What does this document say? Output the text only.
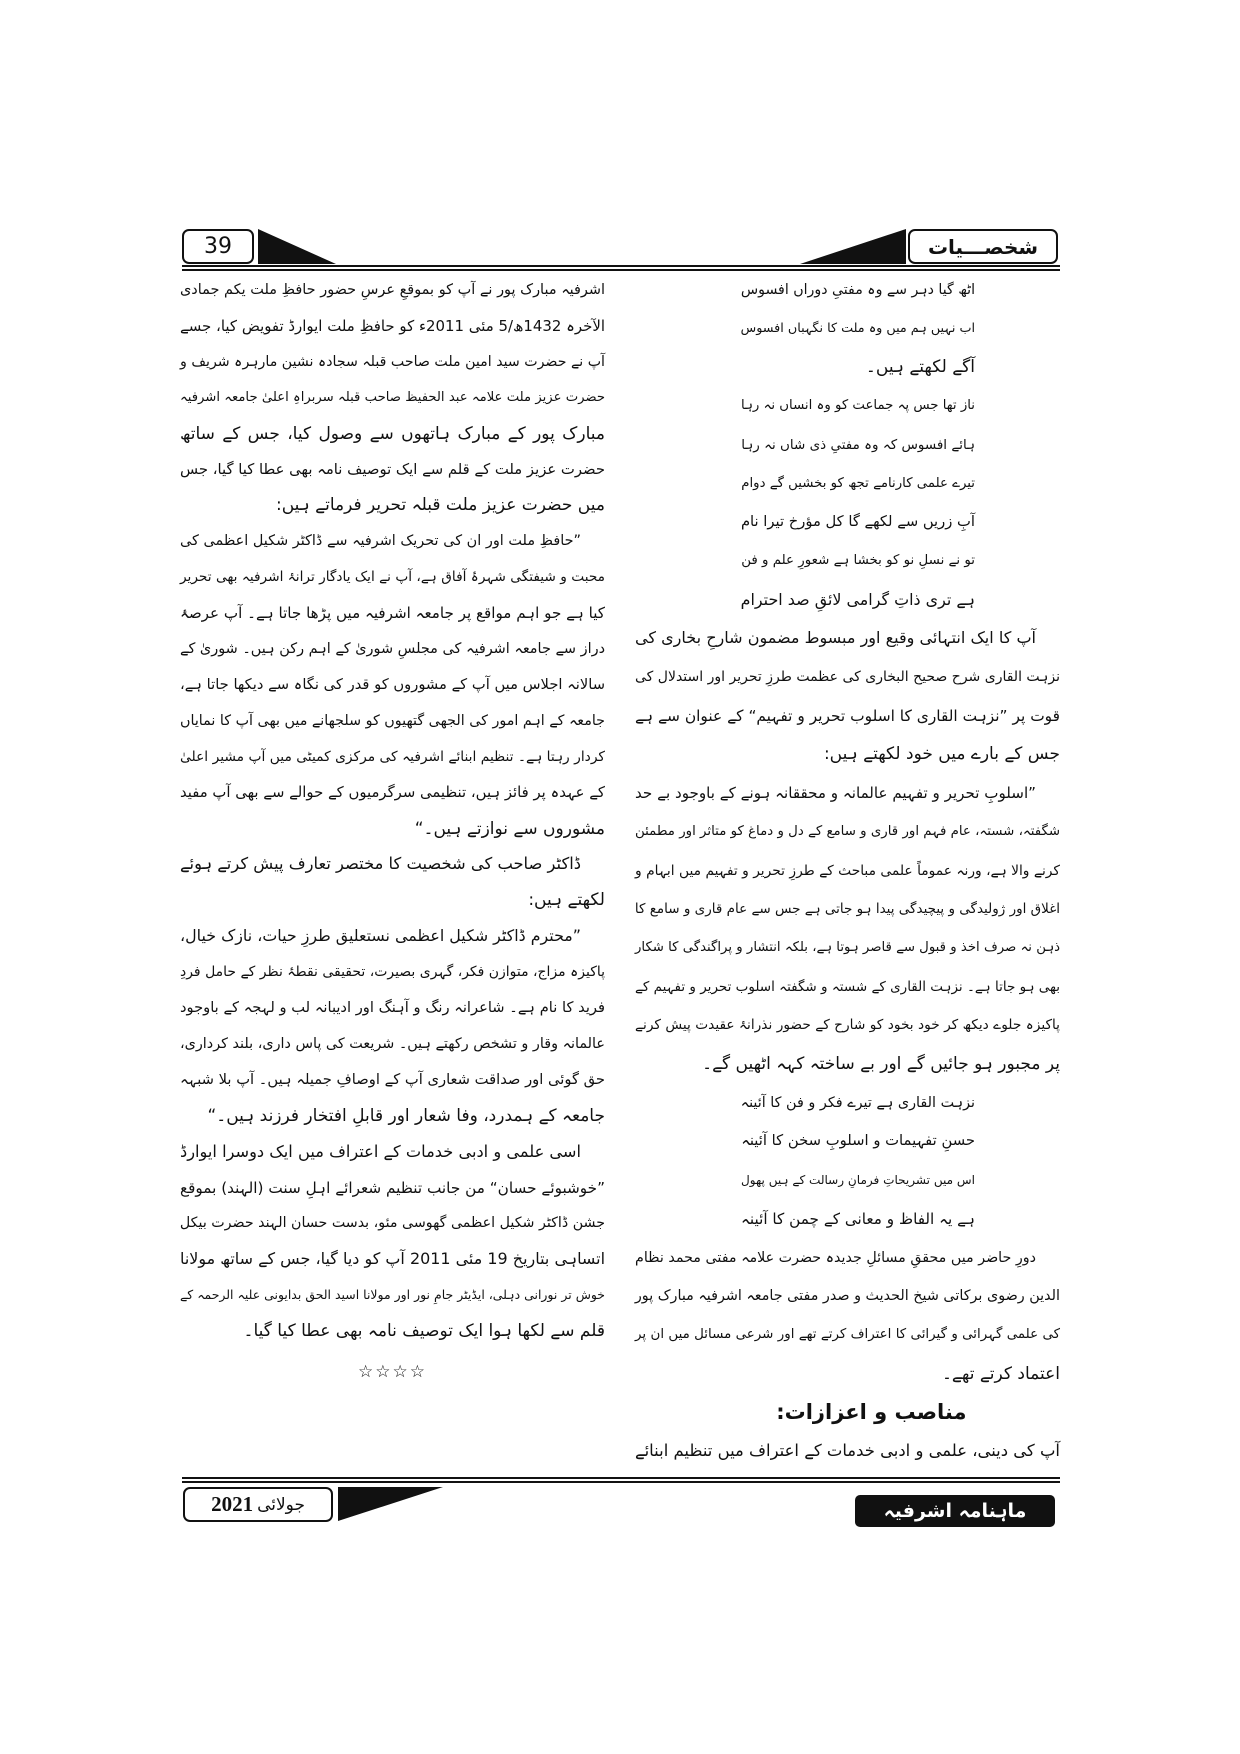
39	شخصـــیات
اٹھ گیا دہر سے وہ مفتیِ دوراں افسوس
اب نہیں ہم میں وہ ملت کا نگہباں افسوس
آگے لکھتے ہیں۔
ناز تھا جس پہ جماعت کو وہ انساں نہ رہا
ہائے افسوس کہ وہ مفتیِ ذی شاں نہ رہا
تیرے علمی کارنامے تجھ کو بخشیں گے دوام
آبِ زریں سے لکھے گا کل مؤرخ تیرا نام
تو نے نسلِ نو کو بخشا ہے شعورِ علم و فن
ہے تری ذاتِ گرامی لائقِ صد احترام
آپ کا ایک انتہائی وقیع اور مبسوط مضمون شارحِ بخاری کی
نزہت القاری شرح صحیح البخاری کی عظمت طرزِ تحریر اور استدلال کی
قوت پر ”نزہت القاری کا اسلوب تحریر و تفہیم“ کے عنوان سے ہے
جس کے بارے میں خود لکھتے ہیں:
”اسلوبِ تحریر و تفہیم عالمانہ و محققانہ ہونے کے باوجود بے حد
شگفتہ، شستہ، عام فہم اور قاری و سامع کے دل و دماغ کو متاثر اور مطمئن
کرنے والا ہے، ورنہ عموماً علمی مباحث کے طرزِ تحریر و تفہیم میں ابہام و
اغلاق اور ژولیدگی و پیچیدگی پیدا ہو جاتی ہے جس سے عام قاری و سامع کا
ذہن نہ صرف اخذ و قبول سے قاصر ہوتا ہے، بلکہ انتشار و پراگندگی کا شکار
بھی ہو جاتا ہے۔ نزہت القاری کے شستہ و شگفتہ اسلوب تحریر و تفہیم کے
پاکیزہ جلوے دیکھ کر خود بخود کو شارح کے حضور نذرانۂ عقیدت پیش کرنے
پر مجبور ہو جائیں گے اور بے ساختہ کہہ اٹھیں گے۔
نزہت القاری ہے تیرے فکر و فن کا آئینہ
حسنِ تفہیمات و اسلوبِ سخن کا آئینہ
اس میں تشریحاتِ فرمانِ رسالت کے ہیں پھول
ہے یہ الفاظ و معانی کے چمن کا آئینہ
دورِ حاضر میں محققِ مسائلِ جدیدہ حضرت علامہ مفتی محمد نظام
الدین رضوی برکاتی شیخ الحدیث و صدر مفتی جامعہ اشرفیہ مبارک پور
کی علمی گہرائی و گیرائی کا اعتراف کرتے تھے اور شرعی مسائل میں ان پر
اعتماد کرتے تھے۔
مناصب و اعزازات:
آپ کی دینی، علمی و ادبی خدمات کے اعتراف میں تنظیم ابنائے
اشرفیہ مبارک پور نے آپ کو بموقعِ عرسِ حضور حافظِ ملت یکم جمادی
الآخرہ 1432ھ/5 مئی 2011ء کو حافظِ ملت ایوارڈ تفویض کیا، جسے
آپ نے حضرت سید امین ملت صاحب قبلہ سجادہ نشین مارہرہ شریف و
حضرت عزیز ملت علامہ عبد الحفیظ صاحب قبلہ سربراہِ اعلیٰ جامعہ اشرفیہ
مبارک پور کے مبارک ہاتھوں سے وصول کیا، جس کے ساتھ
حضرت عزیز ملت کے قلم سے ایک توصیف نامہ بھی عطا کیا گیا، جس
میں حضرت عزیز ملت قبلہ تحریر فرماتے ہیں:
”حافظِ ملت اور ان کی تحریک اشرفیہ سے ڈاکٹر شکیل اعظمی کی
محبت و شیفتگی شہرۂ آفاق ہے، آپ نے ایک یادگار ترانۂ اشرفیہ بھی تحریر
کیا ہے جو اہم مواقع پر جامعہ اشرفیہ میں پڑھا جاتا ہے۔ آپ عرصۂ
دراز سے جامعہ اشرفیہ کی مجلسِ شوریٰ کے اہم رکن ہیں۔ شوریٰ کے
سالانہ اجلاس میں آپ کے مشوروں کو قدر کی نگاہ سے دیکھا جاتا ہے،
جامعہ کے اہم امور کی الجھی گتھیوں کو سلجھانے میں بھی آپ کا نمایاں
کردار رہتا ہے۔ تنظیم ابنائے اشرفیہ کی مرکزی کمیٹی میں آپ مشیر اعلیٰ
کے عہدہ پر فائز ہیں، تنظیمی سرگرمیوں کے حوالے سے بھی آپ مفید
مشوروں سے نوازتے ہیں۔“
ڈاکٹر صاحب کی شخصیت کا مختصر تعارف پیش کرتے ہوئے
لکھتے ہیں:
”محترم ڈاکٹر شکیل اعظمی نستعلیق طرزِ حیات، نازک خیال،
پاکیزہ مزاج، متوازن فکر، گہری بصیرت، تحقیقی نقطۂ نظر کے حامل فردِ
فرید کا نام ہے۔ شاعرانہ رنگ و آہنگ اور ادیبانہ لب و لہجہ کے باوجود
عالمانہ وقار و تشخص رکھتے ہیں۔ شریعت کی پاس داری، بلند کرداری،
حق گوئی اور صداقت شعاری آپ کے اوصافِ جمیلہ ہیں۔ آپ بلا شبہہ
جامعہ کے ہمدرد، وفا شعار اور قابلِ افتخار فرزند ہیں۔“
اسی علمی و ادبی خدمات کے اعتراف میں ایک دوسرا ایوارڈ
”خوشبوئے حسان“ من جانب تنظیم شعرائے اہلِ سنت (الہند) بموقع
جشن ڈاکٹر شکیل اعظمی گھوسی مئو، بدست حسان الہند حضرت بیکل
اتساہی بتاریخ 19 مئی 2011 آپ کو دیا گیا، جس کے ساتھ مولانا
خوش تر نورانی دہلی، ایڈیٹر جامِ نور اور مولانا اسید الحق بدایونی علیہ الرحمہ کے
قلم سے لکھا ہوا ایک توصیف نامہ بھی عطا کیا گیا۔
☆☆☆☆
جولائی
2021	ماہنامہ اشرفیہ
